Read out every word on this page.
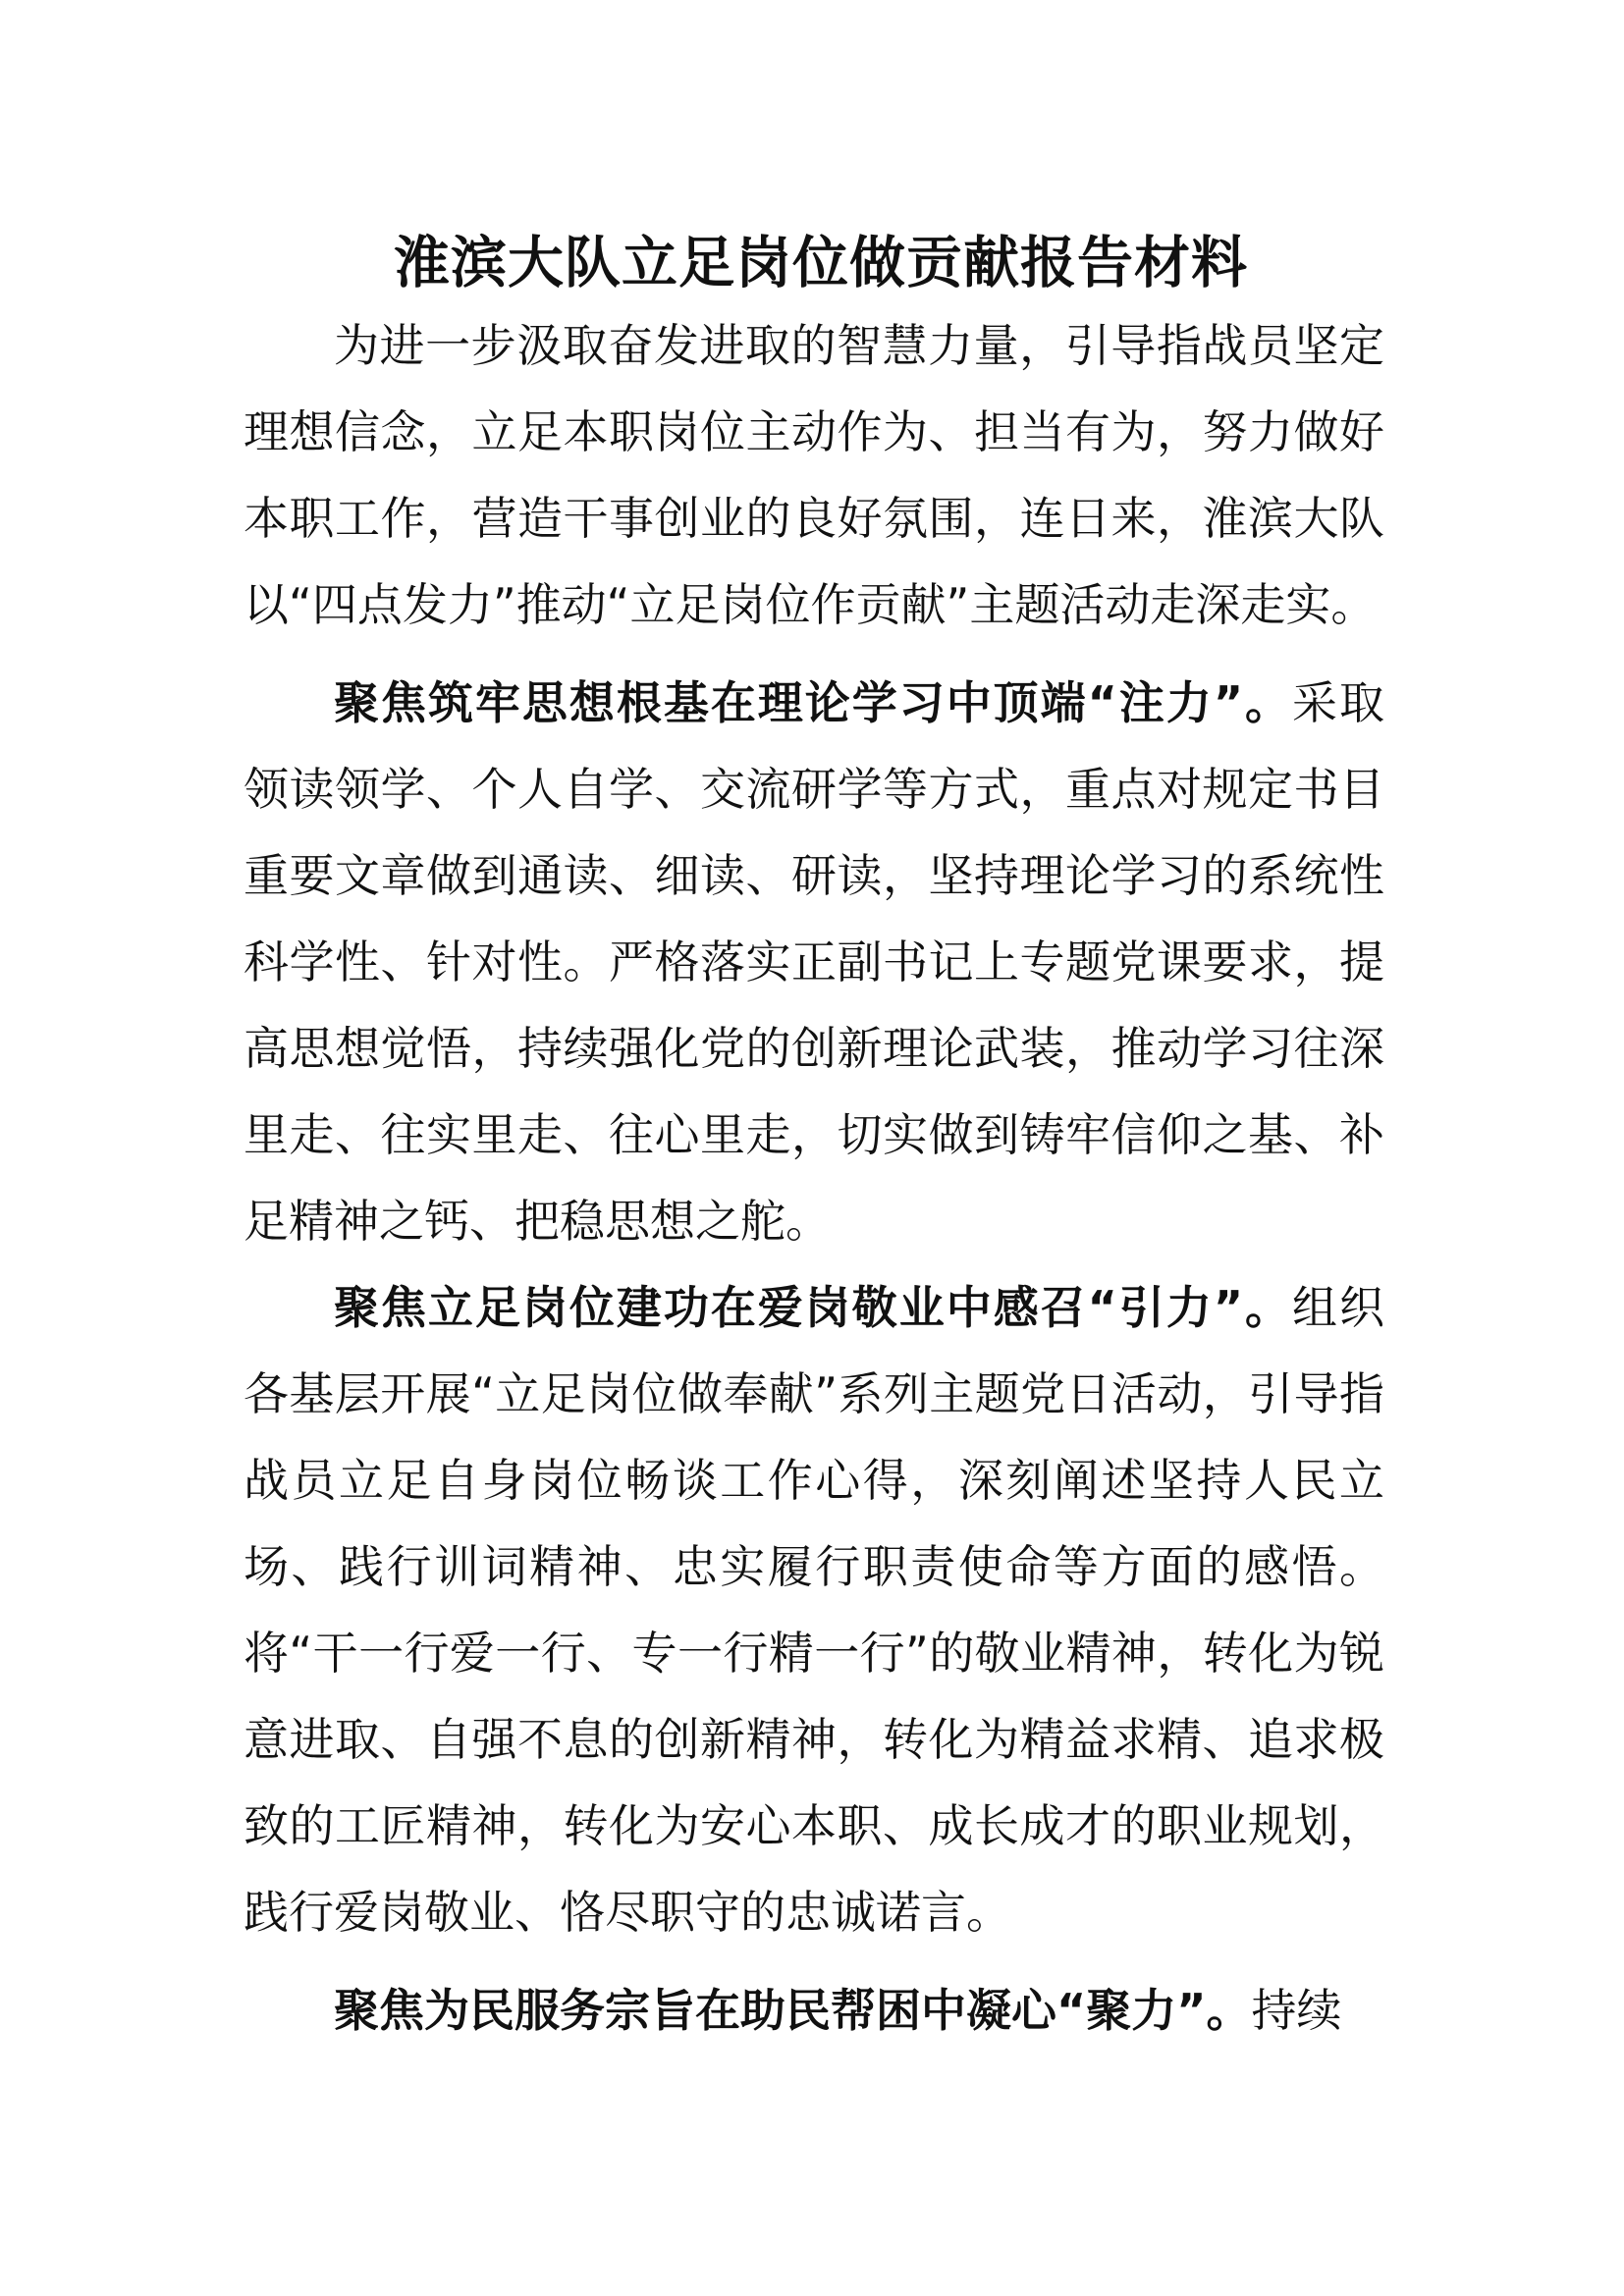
淮滨大队立足岗位做贡献报告材料

为进一步汲取奋发进取的智慧力量，引导指战员坚定理想信念，立足本职岗位主动作为、担当有为，努力做好本职工作，营造干事创业的良好氛围，连日来，淮滨大队以“四点发力”推动“立足岗位作贡献”主题活动走深走实。

聚焦筑牢思想根基在理论学习中顶端“注力”。采取领读领学、个人自学、交流研学等方式，重点对规定书目重要文章做到通读、细读、研读，坚持理论学习的系统性科学性、针对性。严格落实正副书记上专题党课要求，提高思想觉悟，持续强化党的创新理论武装，推动学习往深里走、往实里走、往心里走，切实做到铸牢信仰之基、补足精神之钙、把稳思想之舵。

聚焦立足岗位建功在爱岗敬业中感召“引力”。组织各基层开展“立足岗位做奉献”系列主题党日活动，引导指战员立足自身岗位畅谈工作心得，深刻阐述坚持人民立场、践行训词精神、忠实履行职责使命等方面的感悟。将“干一行爱一行、专一行精一行”的敬业精神，转化为锐意进取、自强不息的创新精神，转化为精益求精、追求极致的工匠精神，转化为安心本职、成长成才的职业规划，践行爱岗敬业、恪尽职守的忠诚诺言。

聚焦为民服务宗旨在助民帮困中凝心“聚力”。持续
